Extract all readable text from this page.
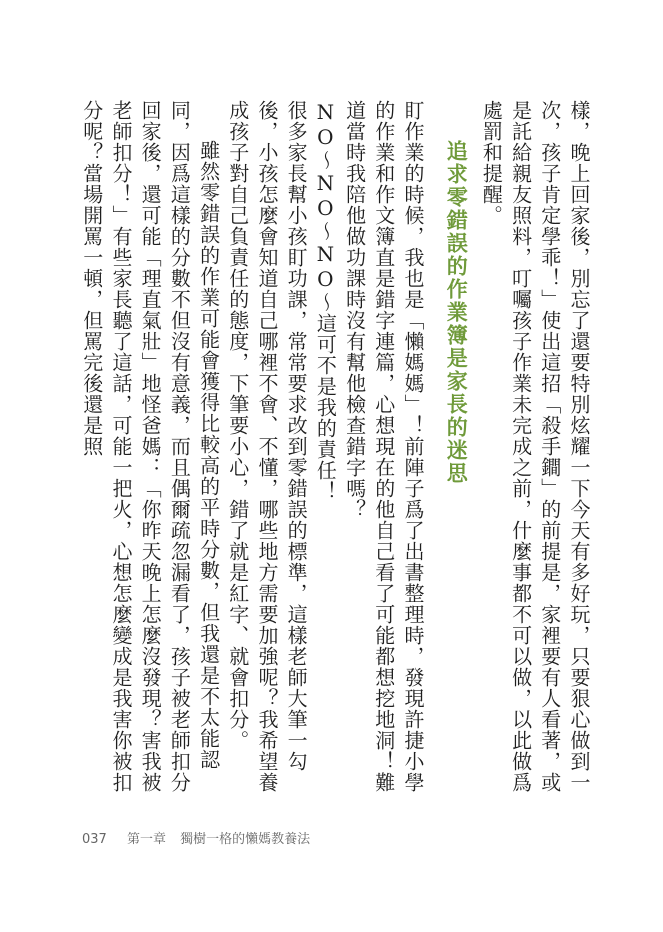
樣，晚上回家後，別忘了還要特別炫耀一下今天有多好玩，只要狠心做到一次，孩子肯定學乖！」使出這招「殺手鐧」的前提是，家裡要有人看著，或是託給親友照料，叮囑孩子作業未完成之前，什麼事都不可以做，以此做爲處罰和提醒。

追求零錯誤的作業簿是家長的迷思

盯作業的時候，我也是「懶媽媽」！前陣子爲了出書整理時，發現許捷小學的作業和作文簿直是錯字連篇，心想現在的他自己看了可能都想挖地洞！難道當時我陪他做功課時沒有幫他檢查錯字嗎？

NO～NO～NO～這可不是我的責任！

很多家長幫小孩盯功課，常常要求改到零錯誤的標準，這樣老師大筆一勾後，小孩怎麼會知道自己哪裡不會、不懂，哪些地方需要加強呢？我希望養成孩子對自己負責任的態度，下筆要小心，錯了就是紅字、就會扣分。

雖然零錯誤的作業可能會獲得比較高的平時分數，但我還是不太能認同，因爲這樣的分數不但沒有意義，而且偶爾疏忽漏看了，孩子被老師扣分回家後，還可能「理直氣壯」地怪爸媽：「你昨天晚上怎麼沒發現？害我被老師扣分！」有些家長聽了這話，可能一把火，心想怎麼變成是我害你被扣分呢？當場開罵一頓，但罵完後還是照

037 第一章 獨樹一格的懶媽教養法
